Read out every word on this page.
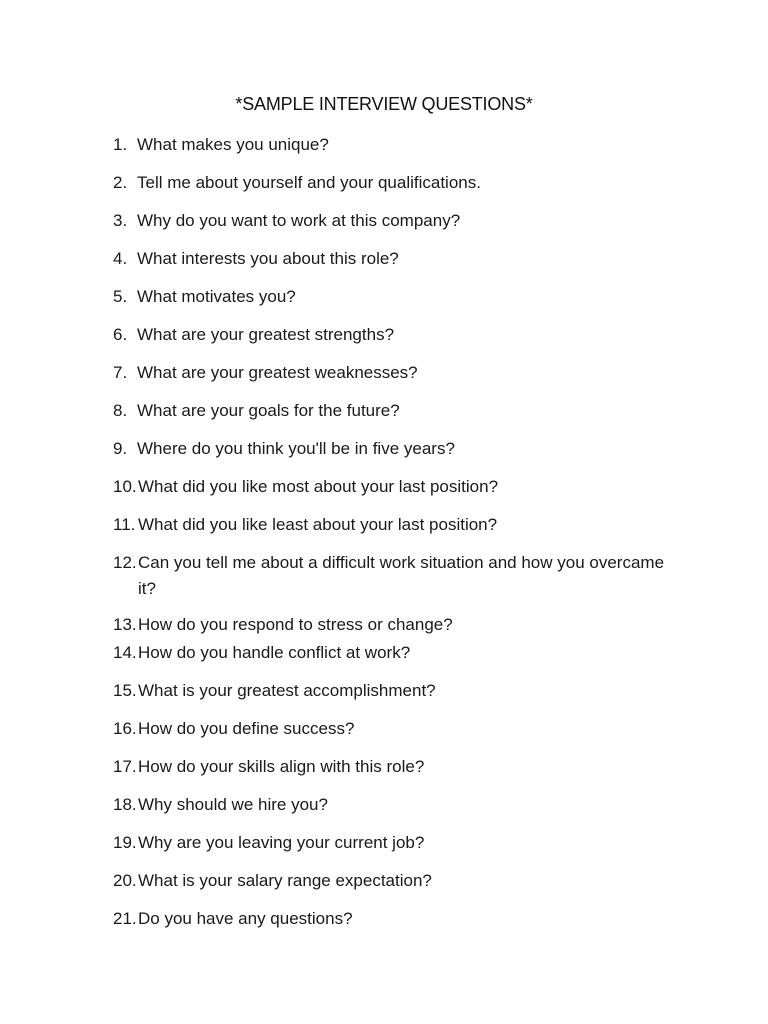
*SAMPLE INTERVIEW QUESTIONS*
1. What makes you unique?
2. Tell me about yourself and your qualifications.
3. Why do you want to work at this company?
4. What interests you about this role?
5. What motivates you?
6. What are your greatest strengths?
7. What are your greatest weaknesses?
8. What are your goals for the future?
9. Where do you think you'll be in five years?
10. What did you like most about your last position?
11. What did you like least about your last position?
12. Can you tell me about a difficult work situation and how you overcame it?
13. How do you respond to stress or change?
14. How do you handle conflict at work?
15. What is your greatest accomplishment?
16. How do you define success?
17. How do your skills align with this role?
18. Why should we hire you?
19. Why are you leaving your current job?
20. What is your salary range expectation?
21. Do you have any questions?
